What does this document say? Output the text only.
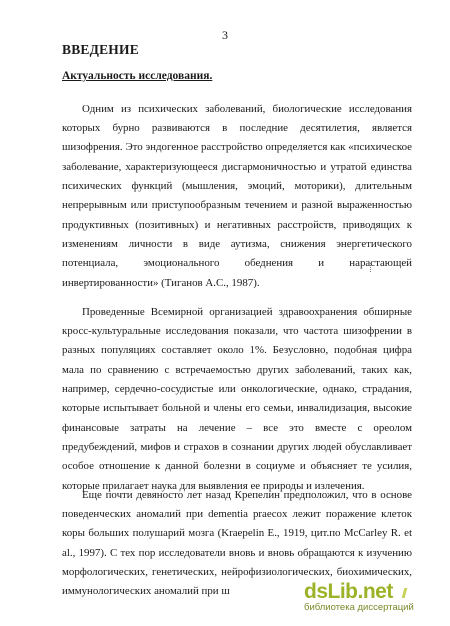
3
ВВЕДЕНИЕ
Актуальность исследования.

Одним из психических заболеваний, биологические исследования которых бурно развиваются в последние десятилетия, является шизофрения. Это эндогенное расстройство определяется как «психическое заболевание, характеризующееся дисгармоничностью и утратой единства психических функций (мышления, эмоций, моторики), длительным непрерывным или приступообразным течением и разной выраженностью продуктивных (позитивных) и негативных расстройств, приводящих к изменениям личности в виде аутизма, снижения энергетического потенциала, эмоционального обеднения и нарастающей инвертированности» (Тиганов А.С., 1987).

Проведенные Всемирной организацией здравоохранения обширные кросс-культуральные исследования показали, что частота шизофрении в разных популяциях составляет около 1%. Безусловно, подобная цифра мала по сравнению с встречаемостью других заболеваний, таких как, например, сердечно-сосудистые или онкологические, однако, страдания, которые испытывает больной и члены его семьи, инвалидизация, высокие финансовые затраты на лечение – все это вместе с ореолом предубеждений, мифов и страхов в сознании других людей обуславливает особое отношение к данной болезни в социуме и объясняет те усилия, которые прилагает наука для выявления ее природы и излечения.

Еще почти девяносто лет назад Крепелин предположил, что в основе поведенческих аномалий при dementia praecox лежит поражение клеток коры больших полушарий мозга (Kraepelin E., 1919, цит.по McCarley R. et al., 1997). С тех пор исследователи вновь и вновь обращаются к изучению морфологических, генетических, нейрофизиологических, биохимических, иммунологических аномалий при ш	dsLib.net
библиотека диссертаций
